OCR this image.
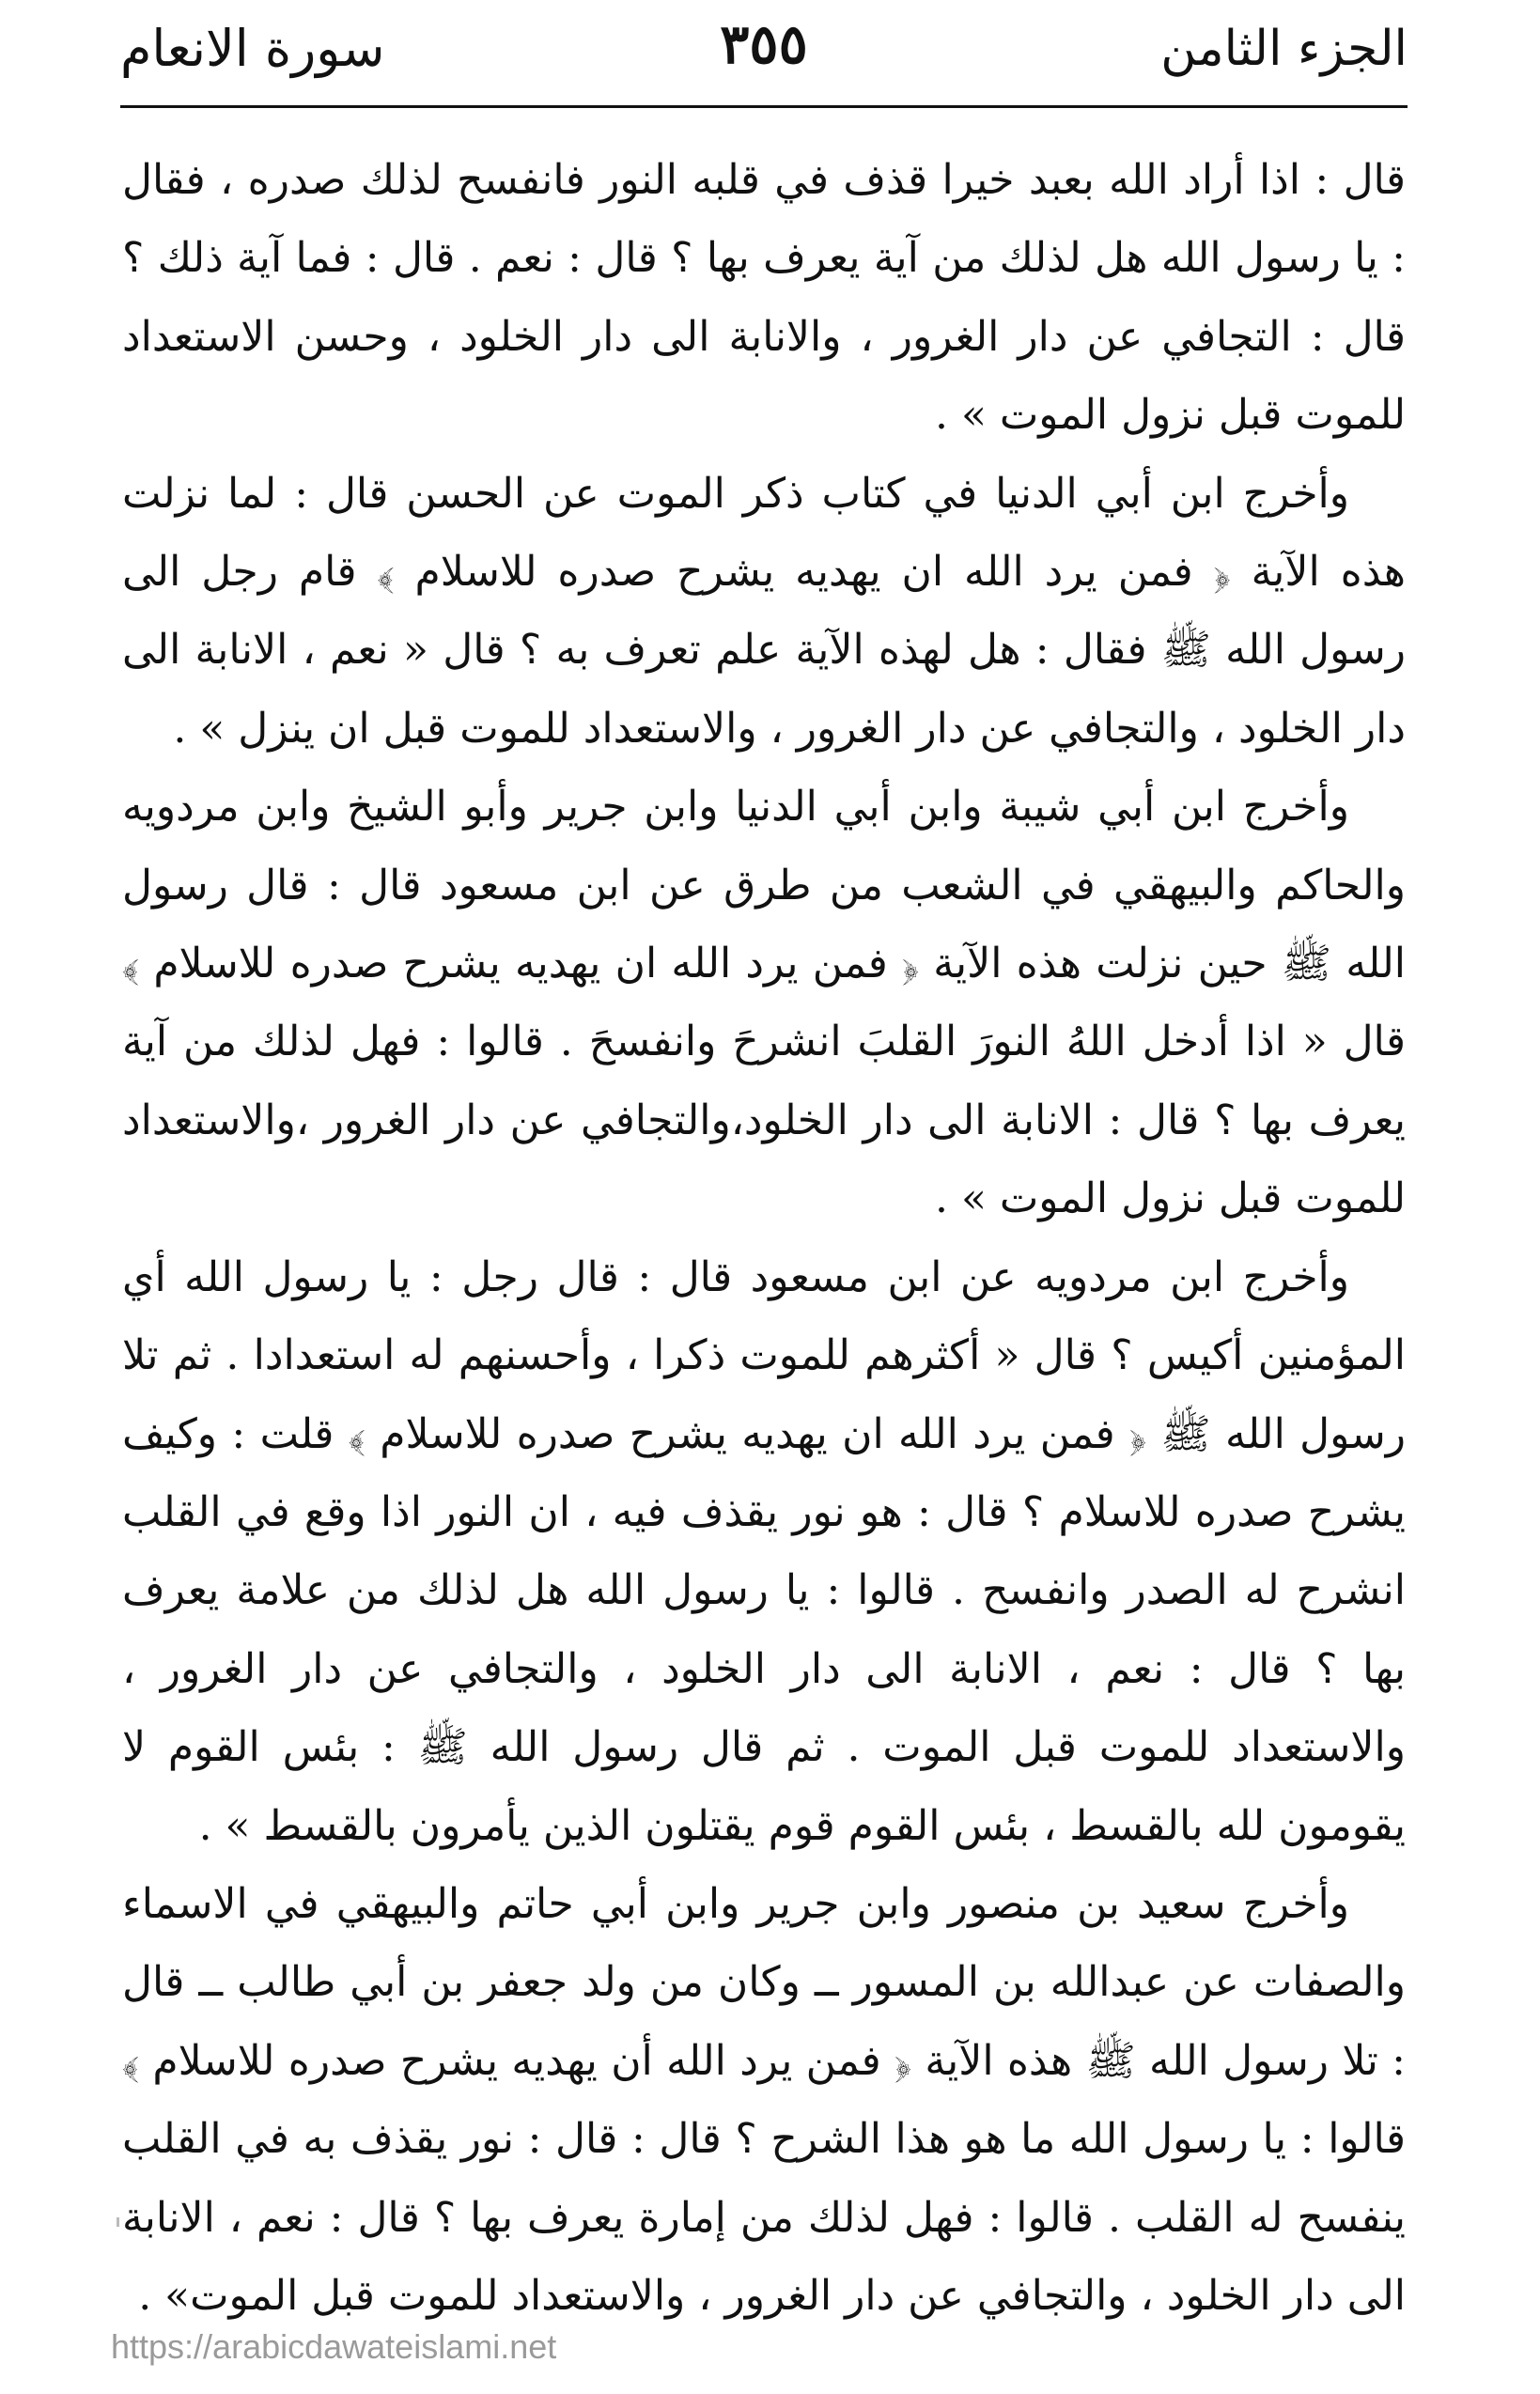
سورة الانعام	٣٥٥	الجزء الثامن

قال : اذا أراد الله بعبد خيرا قذف في قلبه النور فانفسح لذلك صدره ، فقال : يا رسول الله هل لذلك من آية يعرف بها ؟ قال : نعم . قال : فما آية ذلك ؟ قال : التجافي عن دار الغرور ، والانابة الى دار الخلود ، وحسن الاستعداد للموت قبل نزول الموت » .

وأخرج ابن أبي الدنيا في كتاب ذكر الموت عن الحسن قال : لما نزلت هذه الآية ﴿ فمن يرد الله ان يهديه يشرح صدره للاسلام ﴾ قام رجل الى رسول الله ﷺ فقال : هل لهذه الآية علم تعرف به ؟ قال « نعم ، الانابة الى دار الخلود ، والتجافي عن دار الغرور ، والاستعداد للموت قبل ان ينزل » .

وأخرج ابن أبي شيبة وابن أبي الدنيا وابن جرير وأبو الشيخ وابن مردويه والحاكم والبيهقي في الشعب من طرق عن ابن مسعود قال : قال رسول الله ﷺ حين نزلت هذه الآية ﴿ فمن يرد الله ان يهديه يشرح صدره للاسلام ﴾ قال « اذا أدخل اللهُ النورَ القلبَ انشرحَ وانفسحَ . قالوا : فهل لذلك من آية يعرف بها ؟ قال : الانابة الى دار الخلود،والتجافي عن دار الغرور ،والاستعداد للموت قبل نزول الموت » .

وأخرج ابن مردويه عن ابن مسعود قال : قال رجل : يا رسول الله أي المؤمنين أكيس ؟ قال « أكثرهم للموت ذكرا ، وأحسنهم له استعدادا . ثم تلا رسول الله ﷺ ﴿ فمن يرد الله ان يهديه يشرح صدره للاسلام ﴾ قلت : وكيف يشرح صدره للاسلام ؟ قال : هو نور يقذف فيه ، ان النور اذا وقع في القلب انشرح له الصدر وانفسح . قالوا : يا رسول الله هل لذلك من علامة يعرف بها ؟ قال : نعم ، الانابة الى دار الخلود ، والتجافي عن دار الغرور ، والاستعداد للموت قبل الموت . ثم قال رسول الله ﷺ : بئس القوم لا يقومون لله بالقسط ، بئس القوم قوم يقتلون الذين يأمرون بالقسط » .

وأخرج سعيد بن منصور وابن جرير وابن أبي حاتم والبيهقي في الاسماء والصفات عن عبدالله بن المسور ــ وكان من ولد جعفر بن أبي طالب ــ قال : تلا رسول الله ﷺ هذه الآية ﴿ فمن يرد الله أن يهديه يشرح صدره للاسلام ﴾ قالوا : يا رسول الله ما هو هذا الشرح ؟ قال : قال : نور يقذف به في القلب ينفسح له القلب . قالوا : فهل لذلك من إمارة يعرف بها ؟ قال : نعم ، الانابة الى دار الخلود ، والتجافي عن دار الغرور ، والاستعداد للموت قبل الموت» .

https://arabicdawateislami.net
